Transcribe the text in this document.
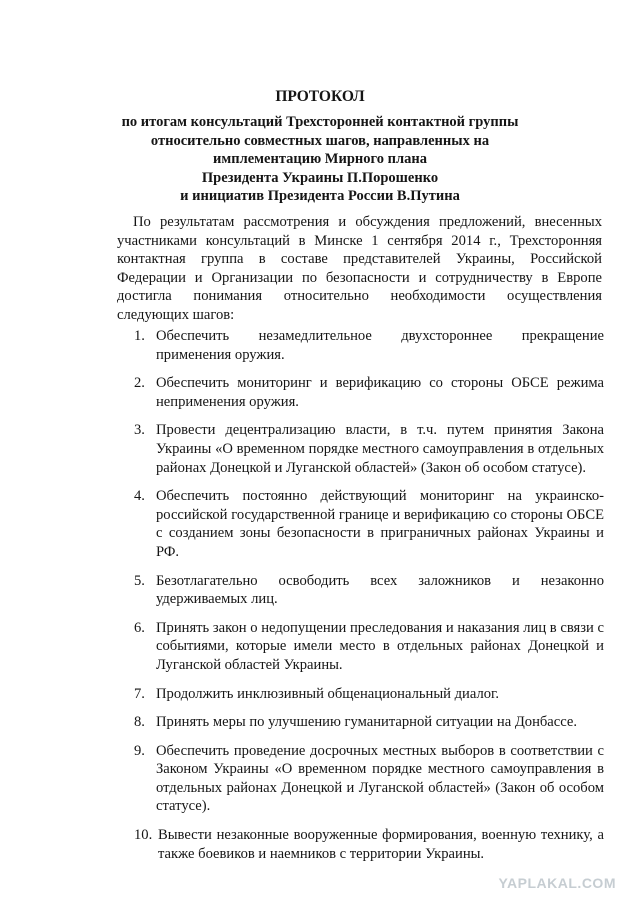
ПРОТОКОЛ
по итогам консультаций Трехсторонней контактной группы
относительно совместных шагов, направленных на
имплементацию Мирного плана
Президента Украины П.Порошенко
и инициатив Президента России В.Путина
По результатам рассмотрения и обсуждения предложений, внесенных участниками консультаций в Минске 1 сентября 2014 г., Трехсторонняя контактная группа в составе представителей Украины, Российской Федерации и Организации по безопасности и сотрудничеству в Европе достигла понимания относительно необходимости осуществления следующих шагов:
1. Обеспечить незамедлительное двухстороннее прекращение применения оружия.
2. Обеспечить мониторинг и верификацию со стороны ОБСЕ режима неприменения оружия.
3. Провести децентрализацию власти, в т.ч. путем принятия Закона Украины «О временном порядке местного самоуправления в отдельных районах Донецкой и Луганской областей» (Закон об особом статусе).
4. Обеспечить постоянно действующий мониторинг на украинско-российской государственной границе и верификацию со стороны ОБСЕ с созданием зоны безопасности в приграничных районах Украины и РФ.
5. Безотлагательно освободить всех заложников и незаконно удерживаемых лиц.
6. Принять закон о недопущении преследования и наказания лиц в связи с событиями, которые имели место в отдельных районах Донецкой и Луганской областей Украины.
7. Продолжить инклюзивный общенациональный диалог.
8. Принять меры по улучшению гуманитарной ситуации на Донбассе.
9. Обеспечить проведение досрочных местных выборов в соответствии с Законом Украины «О временном порядке местного самоуправления в отдельных районах Донецкой и Луганской областей» (Закон об особом статусе).
10. Вывести незаконные вооруженные формирования, военную технику, а также боевиков и наемников с территории Украины.
YAPLAKAL.COM
